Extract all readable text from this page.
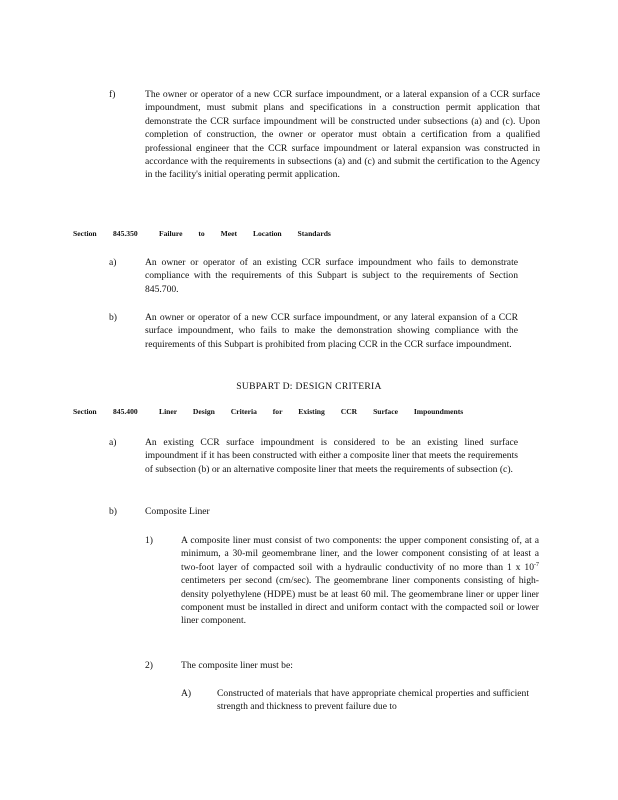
f)	The owner or operator of a new CCR surface impoundment, or a lateral expansion of a CCR surface impoundment, must submit plans and specifications in a construction permit application that demonstrate the CCR surface impoundment will be constructed under subsections (a) and (c). Upon completion of construction, the owner or operator must obtain a certification from a qualified professional engineer that the CCR surface impoundment or lateral expansion was constructed in accordance with the requirements in subsections (a) and (c) and submit the certification to the Agency in the facility's initial operating permit application.

Section 845.350	Failure to Meet Location Standards
a)	An owner or operator of an existing CCR surface impoundment who fails to demonstrate compliance with the requirements of this Subpart is subject to the requirements of Section 845.700.

b)	An owner or operator of a new CCR surface impoundment, or any lateral expansion of a CCR surface impoundment, who fails to make the demonstration showing compliance with the requirements of this Subpart is prohibited from placing CCR in the CCR surface impoundment.

SUBPART D: DESIGN CRITERIA
Section 845.400	Liner Design Criteria for Existing CCR Surface Impoundments
a)	An existing CCR surface impoundment is considered to be an existing lined surface impoundment if it has been constructed with either a composite liner that meets the requirements of subsection (b) or an alternative composite liner that meets the requirements of subsection (c).

b)	Composite Liner
1)	A composite liner must consist of two components: the upper component consisting of, at a minimum, a 30-mil geomembrane liner, and the lower component consisting of at least a two-foot layer of compacted soil with a hydraulic conductivity of no more than 1 x $10^{-7}$ centimeters per second (cm/sec). The geomembrane liner components consisting of high-density polyethylene (HDPE) must be at least 60 mil. The geomembrane liner or upper liner component must be installed in direct and uniform contact with the compacted soil or lower liner component.

2)	The composite liner must be:
A)	Constructed of materials that have appropriate chemical properties and sufficient strength and thickness to prevent failure due to
